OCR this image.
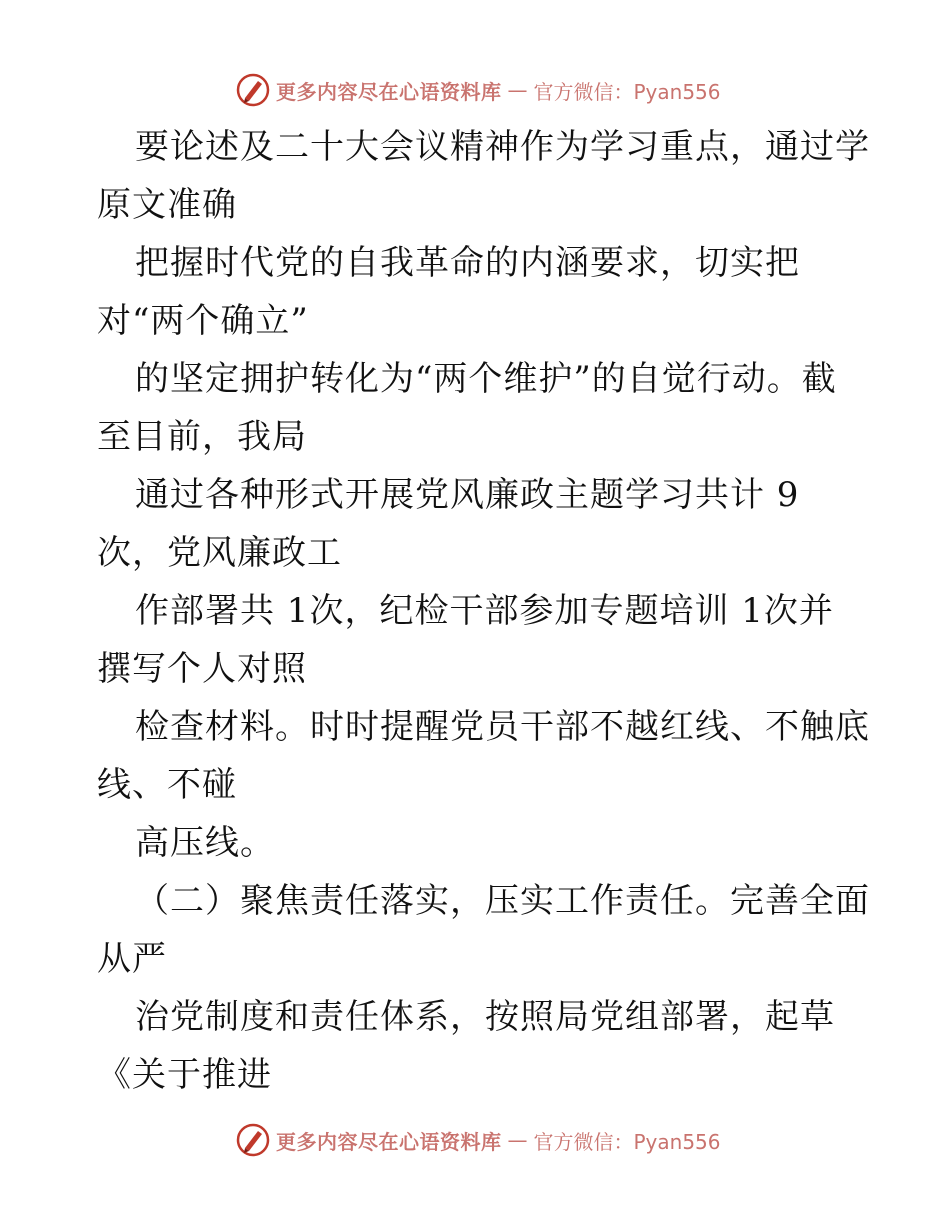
更多内容尽在心语资料库 — 官方微信：Pyan556
要论述及二十大会议精神作为学习重点，通过学
原文准确
把握时代党的自我革命的内涵要求，切实把
对“两个确立”
的坚定拥护转化为“两个维护”的自觉行动。截
至目前，我局
通过各种形式开展党风廉政主题学习共计 9
次，党风廉政工
作部署共 1次，纪检干部参加专题培训 1次并
撰写个人对照
检查材料。时时提醒党员干部不越红线、不触底
线、不碰
高压线。
（二）聚焦责任落实，压实工作责任。完善全面
从严
治党制度和责任体系，按照局党组部署，起草
《关于推进
更多内容尽在心语资料库 — 官方微信：Pyan556
